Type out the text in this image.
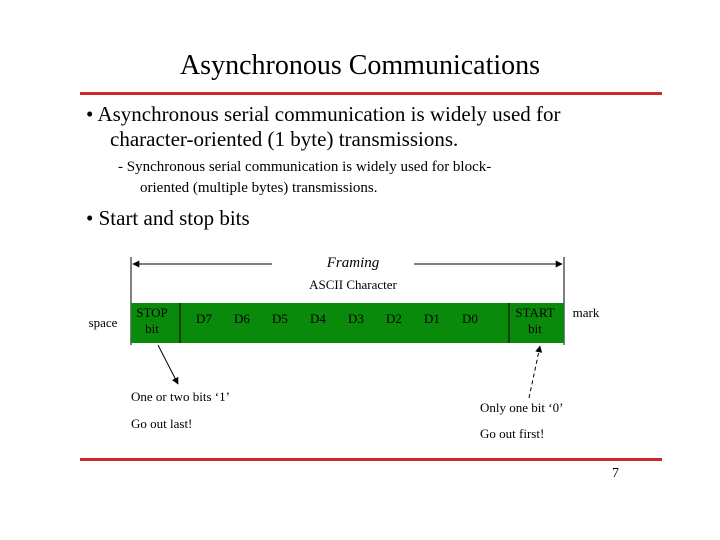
Asynchronous Communications
• Asynchronous serial communication is widely used for
character-oriented (1 byte) transmissions.
- Synchronous serial communication is widely used for block-
oriented (multiple bytes) transmissions.
• Start and stop bits
Framing
ASCII Character
space
mark
STOP
bit
START
bit
D7 D6 D5 D4 D3 D2 D1 D0
One or two bits ‘1’
Go out last!
Only one bit ‘0’
Go out first!
7
